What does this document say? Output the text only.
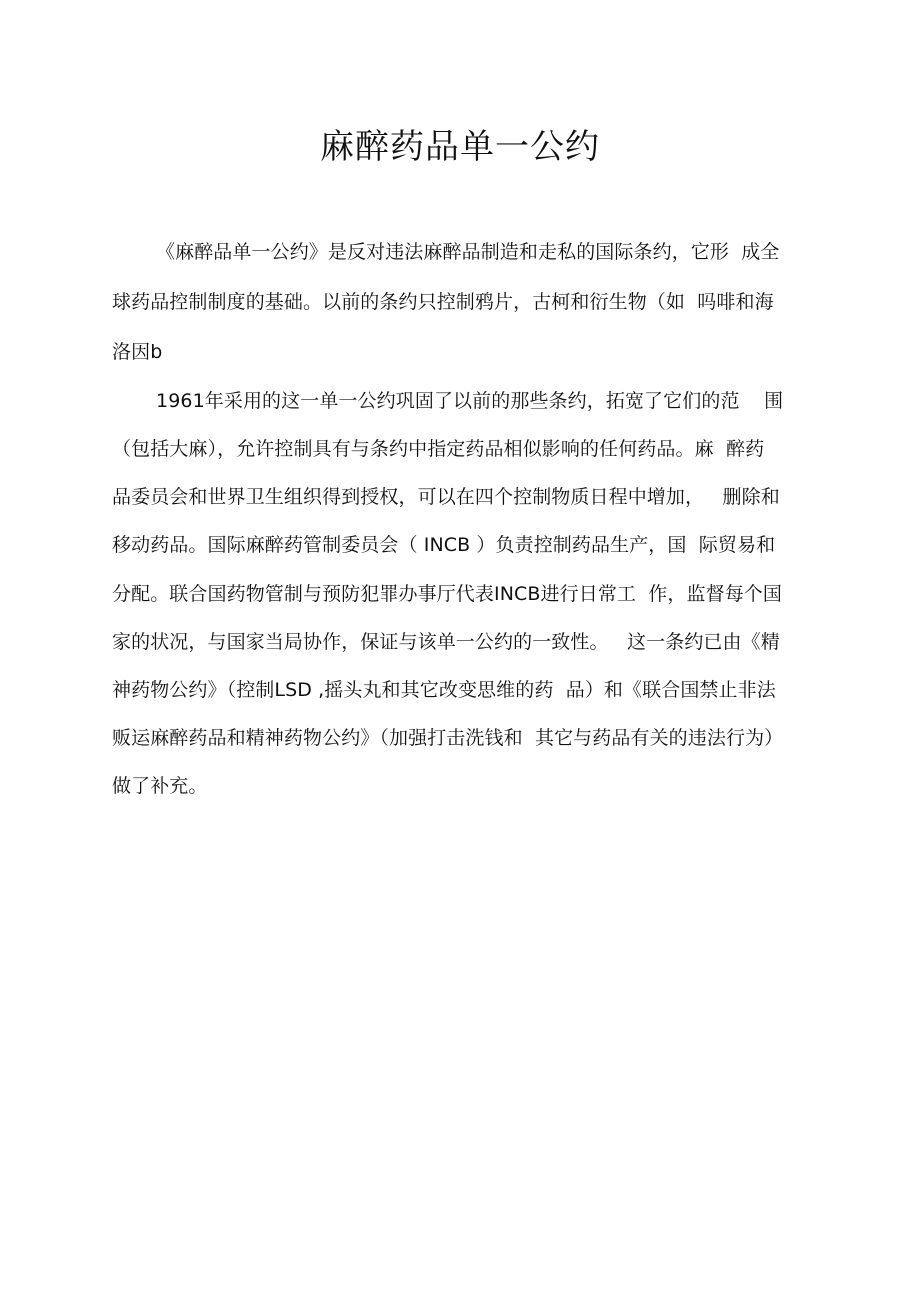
麻醉药品单一公约
《麻醉品单一公约》是反对违法麻醉品制造和走私的国际条约，它形  成全
球药品控制制度的基础。以前的条约只控制鸦片，古柯和衍生物（如  吗啡和海
洛因b
1961年采用的这一单一公约巩固了以前的那些条约，拓宽了它们的范    围
（包括大麻），允许控制具有与条约中指定药品相似影响的任何药品。麻  醉药
品委员会和世界卫生组织得到授权，可以在四个控制物质日程中增加，   删除和
移动药品。国际麻醉药管制委员会（ INCB ）负责控制药品生产，国  际贸易和
分配。联合国药物管制与预防犯罪办事厅代表INCB进行日常工  作，监督每个国
家的状况，与国家当局协作，保证与该单一公约的一致性。   这一条约已由《精
神药物公约》（控制LSD ,摇头丸和其它改变思维的药  品）和《联合国禁止非法
贩运麻醉药品和精神药物公约》（加强打击洗钱和  其它与药品有关的违法行为）
做了补充。
